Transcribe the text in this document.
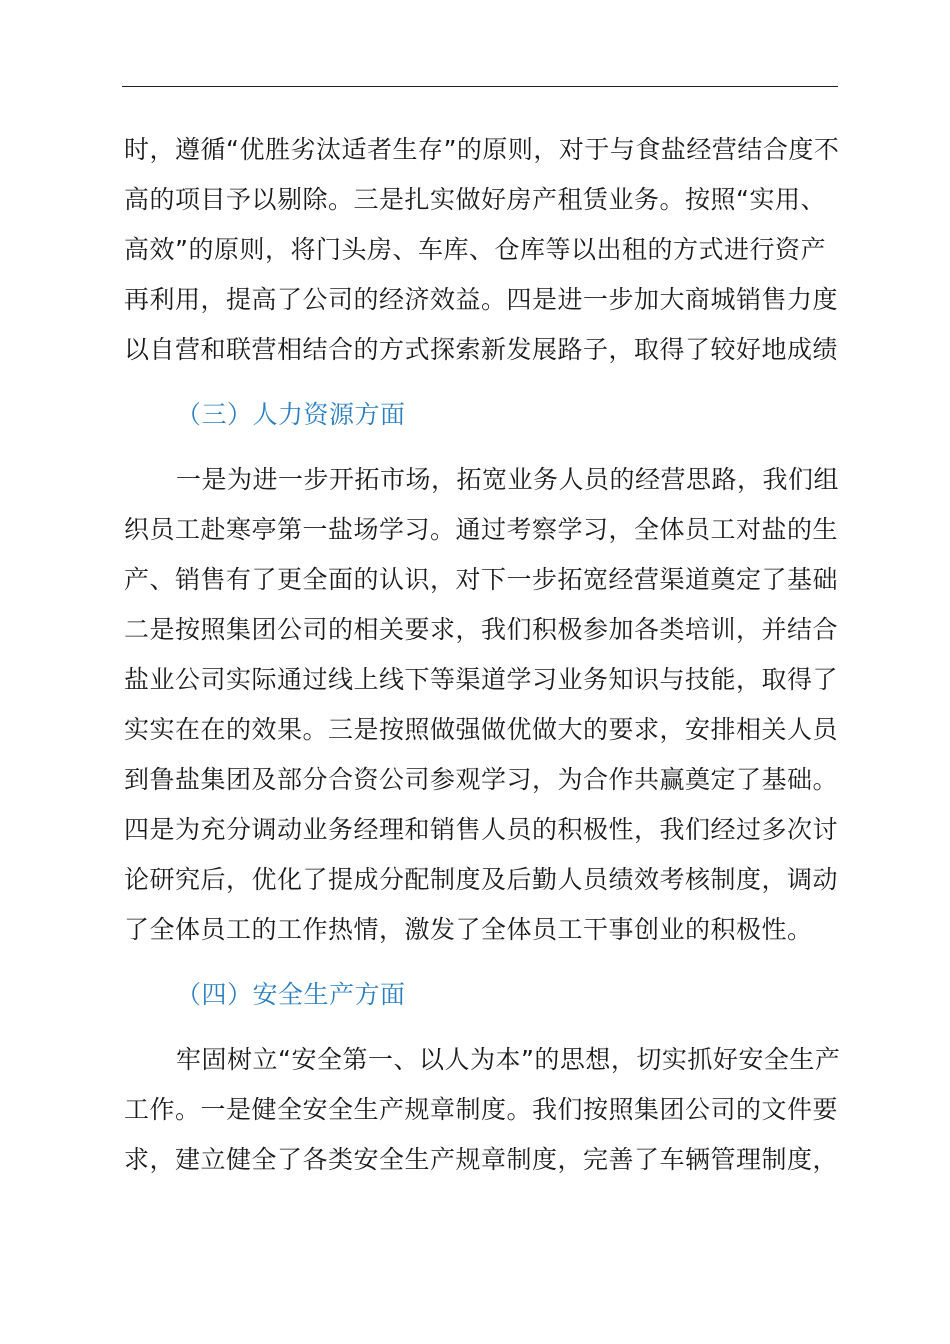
时，遵循“优胜劣汰适者生存”的原则，对于与食盐经营结合度不
高的项目予以剔除。三是扎实做好房产租赁业务。按照“实用、
高效”的原则，将门头房、车库、仓库等以出租的方式进行资产
再利用，提高了公司的经济效益。四是进一步加大商城销售力度
以自营和联营相结合的方式探索新发展路子，取得了较好地成绩
（三）人力资源方面
一是为进一步开拓市场，拓宽业务人员的经营思路，我们组
织员工赴寒亭第一盐场学习。通过考察学习，全体员工对盐的生
产、销售有了更全面的认识，对下一步拓宽经营渠道奠定了基础
二是按照集团公司的相关要求，我们积极参加各类培训，并结合
盐业公司实际通过线上线下等渠道学习业务知识与技能，取得了
实实在在的效果。三是按照做强做优做大的要求，安排相关人员
到鲁盐集团及部分合资公司参观学习，为合作共赢奠定了基础。
四是为充分调动业务经理和销售人员的积极性，我们经过多次讨
论研究后，优化了提成分配制度及后勤人员绩效考核制度，调动
了全体员工的工作热情，激发了全体员工干事创业的积极性。
（四）安全生产方面
牢固树立“安全第一、以人为本”的思想，切实抓好安全生产
工作。一是健全安全生产规章制度。我们按照集团公司的文件要
求，建立健全了各类安全生产规章制度，完善了车辆管理制度，
